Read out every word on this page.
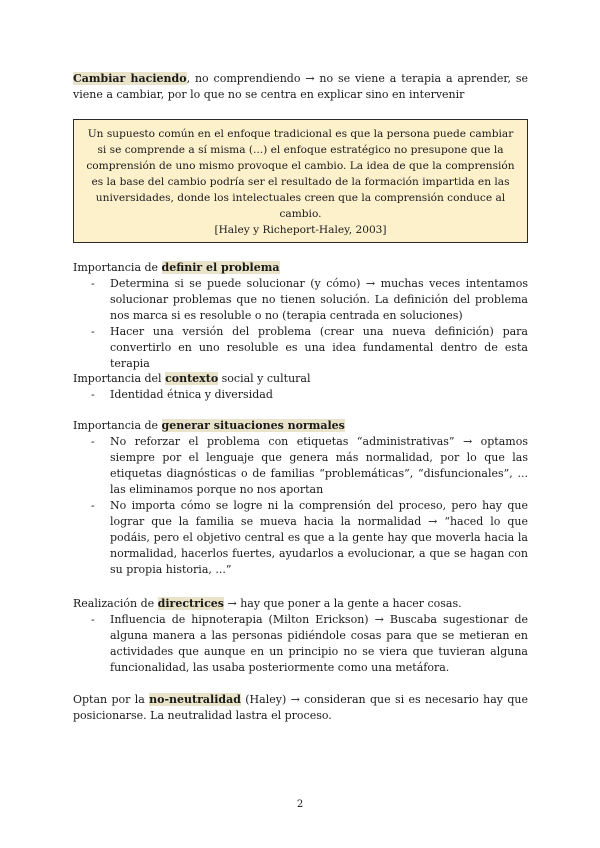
Cambiar haciendo, no comprendiendo → no se viene a terapia a aprender, se viene a cambiar, por lo que no se centra en explicar sino en intervenir

Un supuesto común en el enfoque tradicional es que la persona puede cambiar si se comprende a sí misma (...) el enfoque estratégico no presupone que la comprensión de uno mismo provoque el cambio. La idea de que la comprensión es la base del cambio podría ser el resultado de la formación impartida en las universidades, donde los intelectuales creen que la comprensión conduce al cambio.

[Haley y Richeport-Haley, 2003]

Importancia de definir el problema

- Determina si se puede solucionar (y cómo) → muchas veces intentamos solucionar problemas que no tienen solución. La definición del problema nos marca si es resoluble o no (terapia centrada en soluciones)
- Hacer una versión del problema (crear una nueva definición) para convertirlo en uno resoluble es una idea fundamental dentro de esta terapia

Importancia del contexto social y cultural

- Identidad étnica y diversidad

Importancia de generar situaciones normales

- No reforzar el problema con etiquetas “administrativas” → optamos siempre por el lenguaje que genera más normalidad, por lo que las etiquetas diagnósticas o de familias “problemáticas”, “disfuncionales”, ... las eliminamos porque no nos aportan
- No importa cómo se logre ni la comprensión del proceso, pero hay que lograr que la familia se mueva hacia la normalidad → “haced lo que podáis, pero el objetivo central es que a la gente hay que moverla hacia la normalidad, hacerlos fuertes, ayudarlos a evolucionar, a que se hagan con su propia historia, ...”

Realización de directrices → hay que poner a la gente a hacer cosas.

- Influencia de hipnoterapia (Milton Erickson) → Buscaba sugestionar de alguna manera a las personas pidiéndole cosas para que se metieran en actividades que aunque en un principio no se viera que tuvieran alguna funcionalidad, las usaba posteriormente como una metáfora.

Optan por la no-neutralidad (Haley) → consideran que si es necesario hay que posicionarse. La neutralidad lastra el proceso.

2
